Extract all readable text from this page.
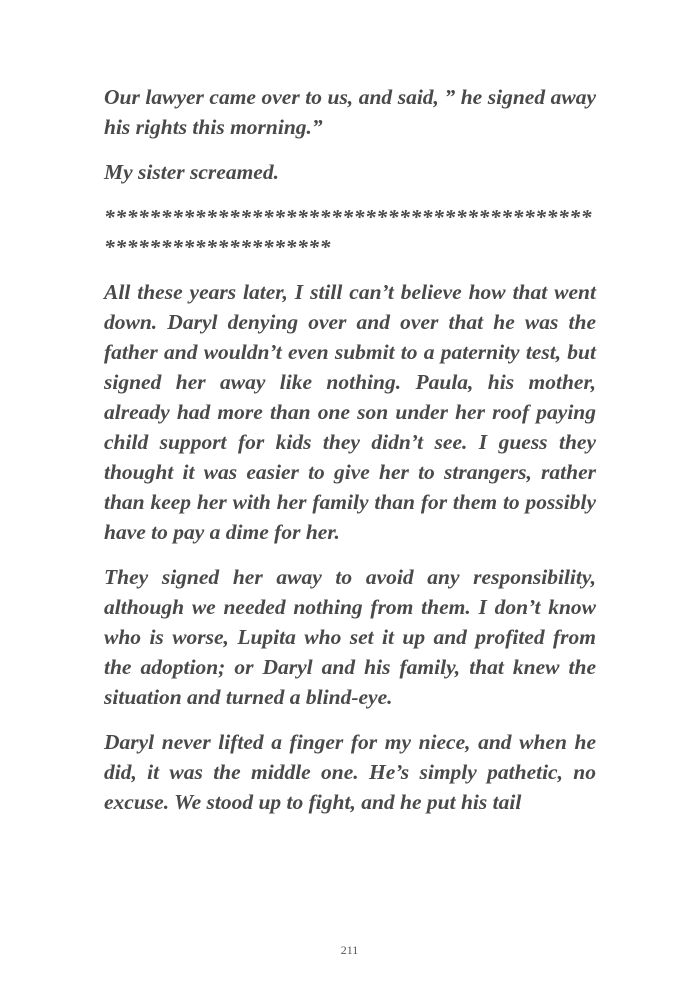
Our lawyer came over to us, and said, ” he signed away his rights this morning.”

My sister screamed.

*******************************************
********************

All these years later, I still can’t believe how that went down. Daryl denying over and over that he was the father and wouldn’t even submit to a paternity test, but signed her away like nothing. Paula, his mother, already had more than one son under her roof paying child support for kids they didn’t see. I guess they thought it was easier to give her to strangers, rather than keep her with her family than for them to possibly have to pay a dime for her.

They signed her away to avoid any responsibility, although we needed nothing from them. I don’t know who is worse, Lupita who set it up and profited from the adoption; or Daryl and his family, that knew the situation and turned a blind-eye.

Daryl never lifted a finger for my niece, and when he did, it was the middle one. He’s simply pathetic, no excuse. We stood up to fight, and he put his tail

211
